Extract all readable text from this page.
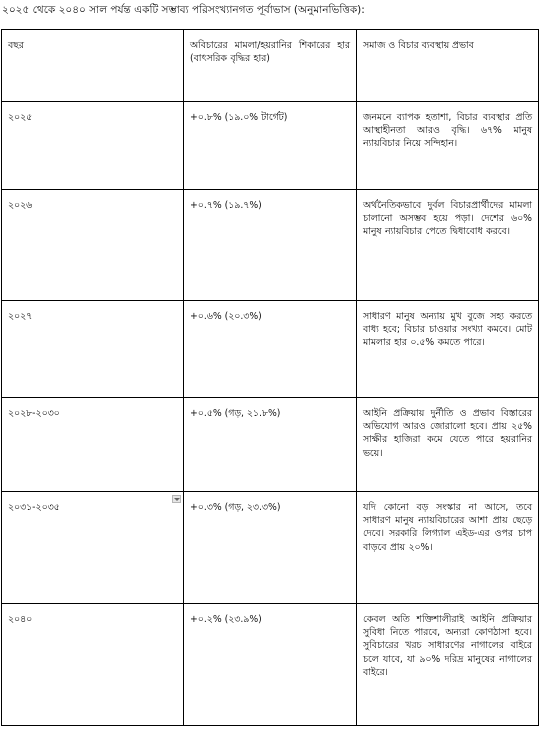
২০২৫ থেকে ২০৪০ সাল পর্যন্ত একটি সম্ভাব্য পরিসংখ্যানগত পূর্বাভাস (অনুমানভিত্তিক):
বছর	অবিচারের মামলা/হয়রানির শিকারের হার (বাৎসরিক বৃদ্ধির হার)	সমাজ ও বিচার ব্যবস্থায় প্রভাব
২০২৫	+০.৮% (১৯.০% টার্গেট)	জনমনে ব্যাপক হতাশা, বিচার ব্যবস্থার প্রতি আস্থাহীনতা আরও বৃদ্ধি। ৬৭% মানুষ ন্যায়বিচার নিয়ে সন্দিহান।
২০২৬	+০.৭% (১৯.৭%)	অর্থনৈতিকভাবে দুর্বল বিচারপ্রার্থীদের মামলা চালানো অসম্ভব হয়ে পড়া। দেশের ৬০% মানুষ ন্যায়বিচার পেতে দ্বিধাবোধ করবে।
২০২৭	+০.৬% (২০.৩%)	সাধারণ মানুষ অন্যায় মুখ বুজে সহ্য করতে বাধ্য হবে; বিচার চাওয়ার সংখ্যা কমবে। মোট মামলার হার ০.৫% কমতে পারে।
২০২৮-২০৩০	+০.৫% (গড়, ২১.৮%)	আইনি প্রক্রিয়ায় দুর্নীতি ও প্রভাব বিস্তারের অভিযোগ আরও জোরালো হবে। প্রায় ২৫% সাক্ষীর হাজিরা কমে যেতে পারে হয়রানির ভয়ে।
২০৩১-২০৩৫	+০.৩% (গড়, ২৩.৩%)	যদি কোনো বড় সংস্কার না আসে, তবে সাধারণ মানুষ ন্যায়বিচারের আশা প্রায় ছেড়ে দেবে। সরকারি লিগ্যাল এইড-এর ওপর চাপ বাড়বে প্রায় ২০%।
২০৪০	+০.২% (২৩.৯%)	কেবল অতি শক্তিশালীরাই আইনি প্রক্রিয়ার সুবিধা নিতে পারবে, অন্যরা কোণঠাসা হবে। সুবিচারের খরচ সাধারণের নাগালের বাইরে চলে যাবে, যা ৯০% দরিদ্র মানুষের নাগালের বাইরে।
